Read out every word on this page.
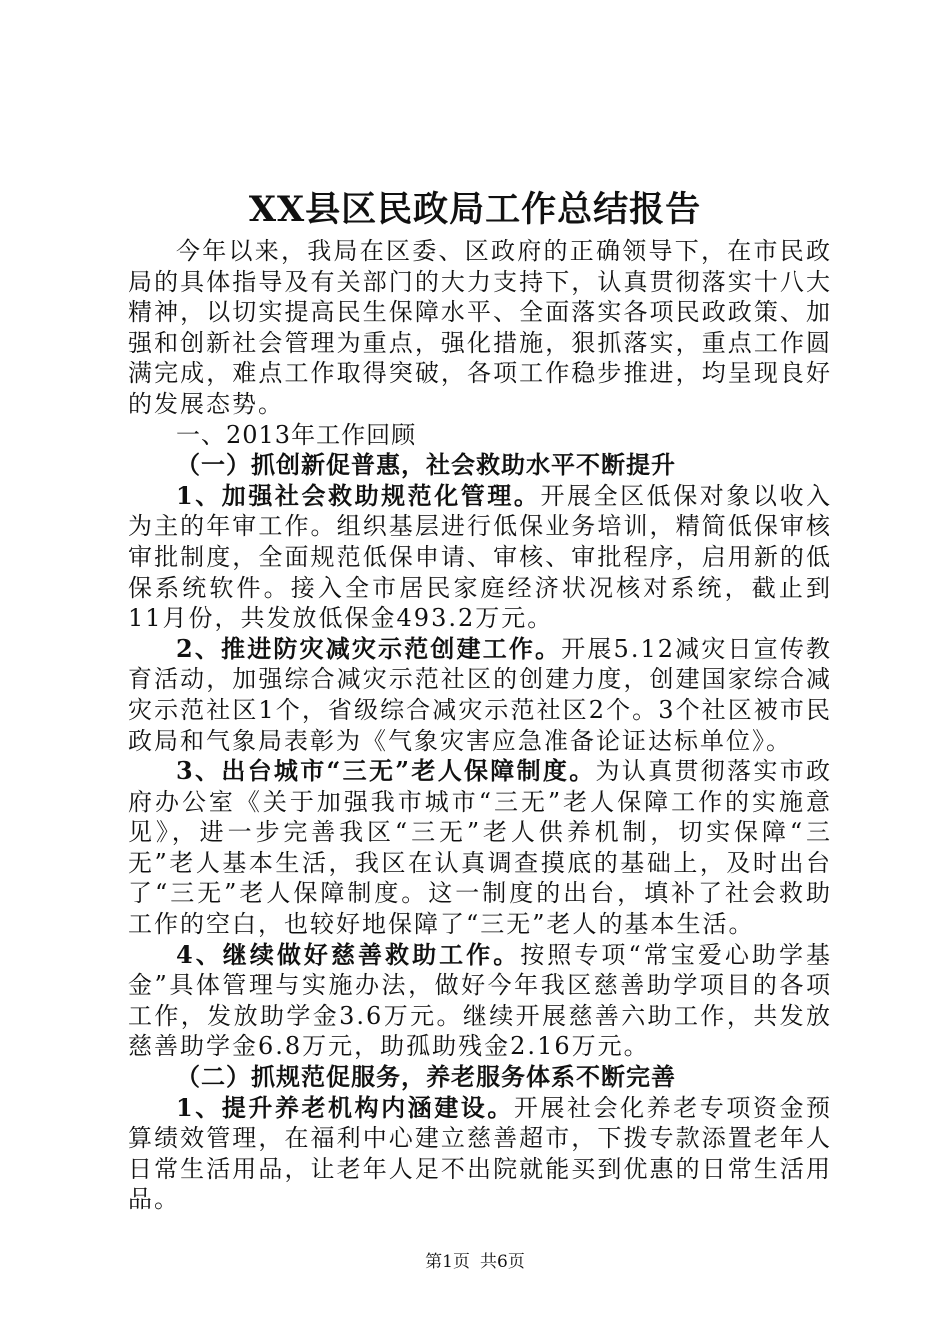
XX县区民政局工作总结报告

今年以来，我局在区委、区政府的正确领导下，在市民政局的具体指导及有关部门的大力支持下，认真贯彻落实十八大精神，以切实提高民生保障水平、全面落实各项民政政策、加强和创新社会管理为重点，强化措施，狠抓落实，重点工作圆满完成，难点工作取得突破，各项工作稳步推进，均呈现良好的发展态势。

一、2013年工作回顾

（一）抓创新促普惠，社会救助水平不断提升

1、加强社会救助规范化管理。开展全区低保对象以收入为主的年审工作。组织基层进行低保业务培训，精简低保审核审批制度，全面规范低保申请、审核、审批程序，启用新的低保系统软件。接入全市居民家庭经济状况核对系统，截止到11月份，共发放低保金493.2万元。

2、推进防灾减灾示范创建工作。开展5.12减灾日宣传教育活动，加强综合减灾示范社区的创建力度，创建国家综合减灾示范社区1个，省级综合减灾示范社区2个。3个社区被市民政局和气象局表彰为《气象灾害应急准备论证达标单位》。

3、出台城市“三无”老人保障制度。为认真贯彻落实市政府办公室《关于加强我市城市“三无”老人保障工作的实施意见》，进一步完善我区“三无”老人供养机制，切实保障“三无”老人基本生活，我区在认真调查摸底的基础上，及时出台了“三无”老人保障制度。这一制度的出台，填补了社会救助工作的空白，也较好地保障了“三无”老人的基本生活。

4、继续做好慈善救助工作。按照专项“常宝爱心助学基金”具体管理与实施办法，做好今年我区慈善助学项目的各项工作，发放助学金3.6万元。继续开展慈善六助工作，共发放慈善助学金6.8万元，助孤助残金2.16万元。

（二）抓规范促服务，养老服务体系不断完善

1、提升养老机构内涵建设。开展社会化养老专项资金预算绩效管理，在福利中心建立慈善超市，下拨专款添置老年人日常生活用品，让老年人足不出院就能买到优惠的日常生活用品。

第1页 共6页
